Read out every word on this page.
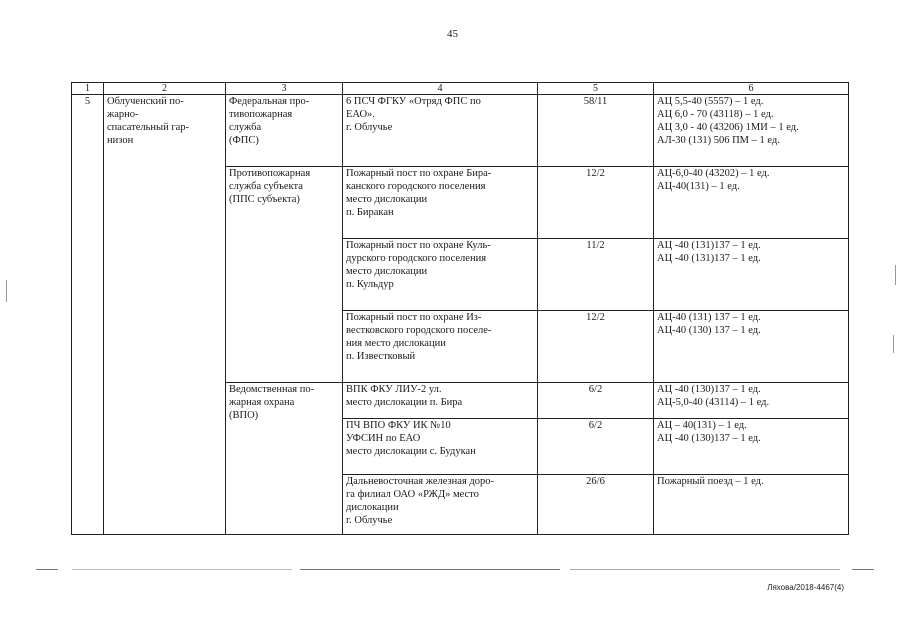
45
1	2	3	4	5	6
5	Облученский по-
жарно-
спасательный гар-
низон	Федеральная про-
тивопожарная
служба
(ФПС)	6 ПСЧ ФГКУ «Отряд ФПС по
ЕАО».
г. Облучье	58/11	АЦ 5,5-40 (5557) – 1 ед.
АЦ 6,0 - 70 (43118) – 1 ед.
АЦ 3,0 - 40 (43206) 1МИ – 1 ед.
АЛ-30 (131) 506 ПМ – 1 ед.

		Противопожарная
служба субъекта
(ППС субъекта)	Пожарный пост по охране Бира-
канского городского поселения
место дислокации
п. Биракан	12/2	АЦ-6,0-40 (43202) – 1 ед.
АЦ-40(131) – 1 ед.

			Пожарный пост по охране Куль-
дурского городского поселения
место дислокации
п. Кульдур	11/2	АЦ -40 (131)137 – 1 ед.
АЦ -40 (131)137 – 1 ед.

			Пожарный пост по охране Из-
вестковского городского поселе-
ния место дислокации
п. Известковый	12/2	АЦ-40 (131) 137 – 1 ед.
АЦ-40 (130) 137 – 1 ед.

		Ведомственная по-
жарная охрана
(ВПО)	ВПК ФКУ ЛИУ-2 ул.
место дислокации п. Бира	6/2	АЦ -40 (130)137 – 1 ед.
АЦ-5,0-40 (43114) – 1 ед.

			ПЧ ВПО ФКУ ИК №10
УФСИН по ЕАО
место дислокации с. Будукан	6/2	АЦ – 40(131) – 1 ед.
АЦ -40 (130)137 – 1 ед.

			Дальневосточная железная доро-
га филиал ОАО «РЖД» место
дислокации
г. Облучье	26/6	Пожарный поезд – 1 ед.
Ляхова/2018-4467(4)
